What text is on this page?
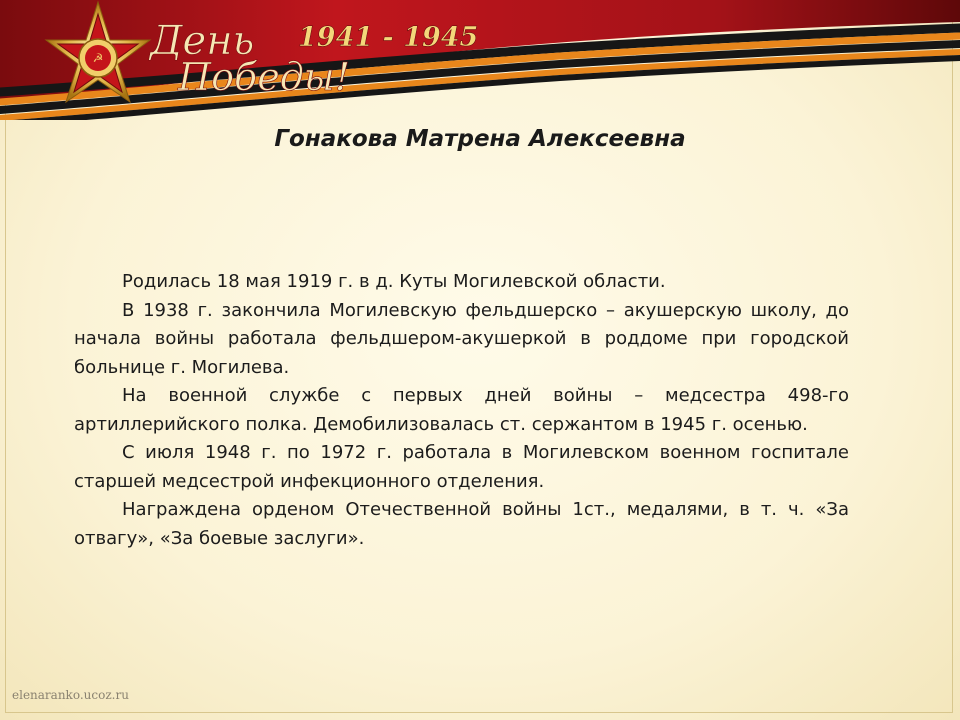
☭ День
Победы!
1941 - 1945
Гонакова Матрена Алексеевна

Родилась 18 мая 1919 г. в д. Куты Могилевской области.

В 1938 г. закончила Могилевскую фельдшерско – акушерскую школу, до начала войны работала фельдшером-акушеркой в роддоме при городской больнице г. Могилева.

На военной службе с первых дней войны – медсестра 498-го артиллерийского полка. Демобилизовалась ст. сержантом в 1945 г. осенью.

С июля 1948 г. по 1972 г. работала в Могилевском военном госпитале старшей медсестрой инфекционного отделения.

Награждена орденом Отечественной войны 1ст., медалями, в т. ч. «За отвагу», «За боевые заслуги».

elenaranko.ucoz.ru
